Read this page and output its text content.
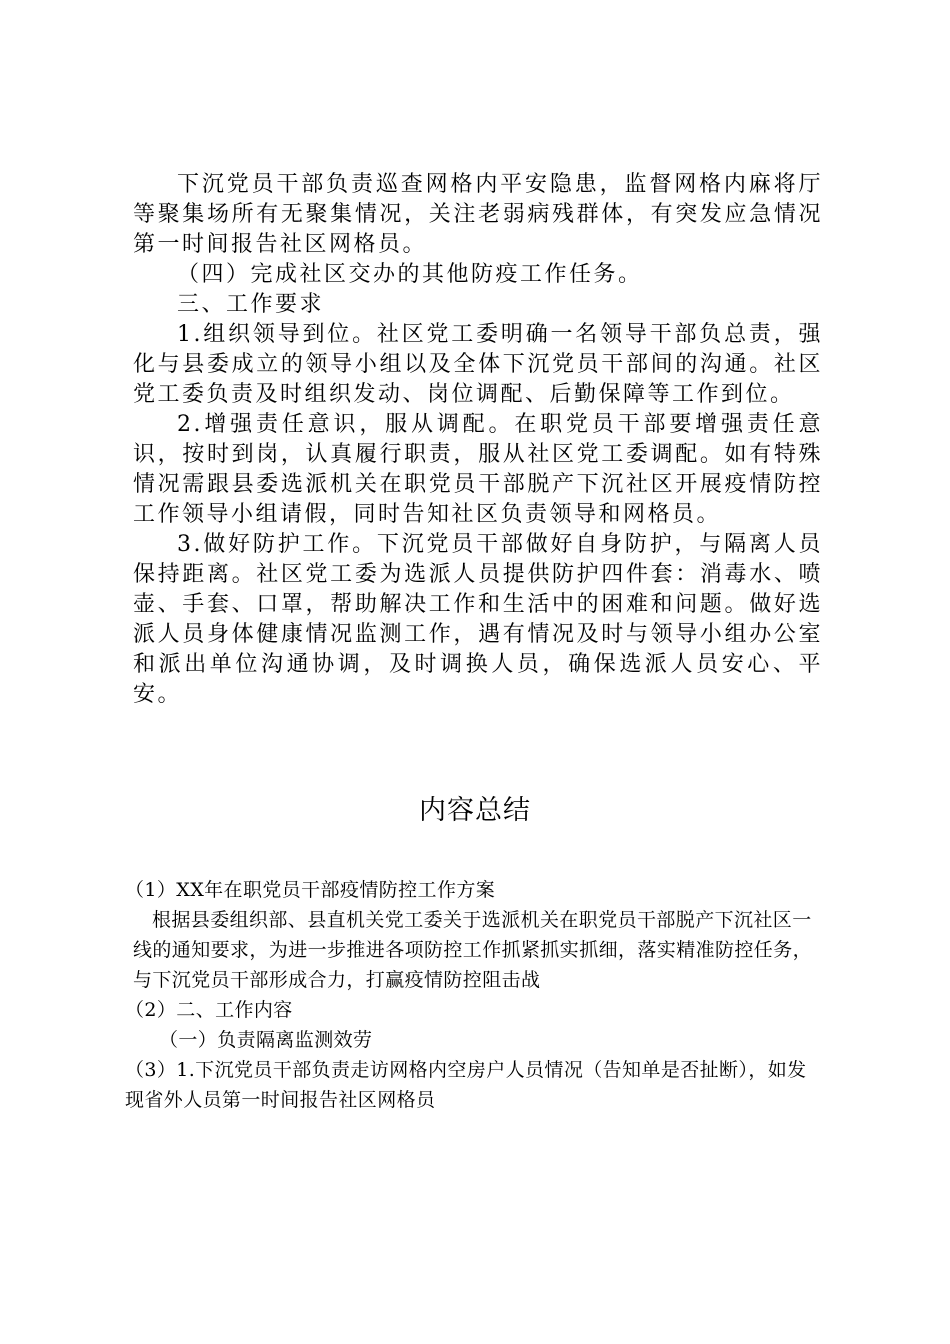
下沉党员干部负责巡查网格内平安隐患，监督网格内麻将厅等聚集场所有无聚集情况，关注老弱病残群体，有突发应急情况第一时间报告社区网格员。

（四）完成社区交办的其他防疫工作任务。

三、工作要求

1.组织领导到位。社区党工委明确一名领导干部负总责，强化与县委成立的领导小组以及全体下沉党员干部间的沟通。社区党工委负责及时组织发动、岗位调配、后勤保障等工作到位。

2.增强责任意识，服从调配。在职党员干部要增强责任意识，按时到岗，认真履行职责，服从社区党工委调配。如有特殊情况需跟县委选派机关在职党员干部脱产下沉社区开展疫情防控工作领导小组请假，同时告知社区负责领导和网格员。

3.做好防护工作。下沉党员干部做好自身防护，与隔离人员保持距离。社区党工委为选派人员提供防护四件套：消毒水、喷壶、手套、口罩，帮助解决工作和生活中的困难和问题。做好选派人员身体健康情况监测工作，遇有情况及时与领导小组办公室和派出单位沟通协调，及时调换人员，确保选派人员安心、平安。

内容总结

（1）XX年在职党员干部疫情防控工作方案

根据县委组织部、县直机关党工委关于选派机关在职党员干部脱产下沉社区一线的通知要求，为进一步推进各项防控工作抓紧抓实抓细，落实精准防控任务，与下沉党员干部形成合力，打赢疫情防控阻击战

（2）二、工作内容

（一）负责隔离监测效劳

（3）1.下沉党员干部负责走访网格内空房户人员情况（告知单是否扯断），如发现省外人员第一时间报告社区网格员
